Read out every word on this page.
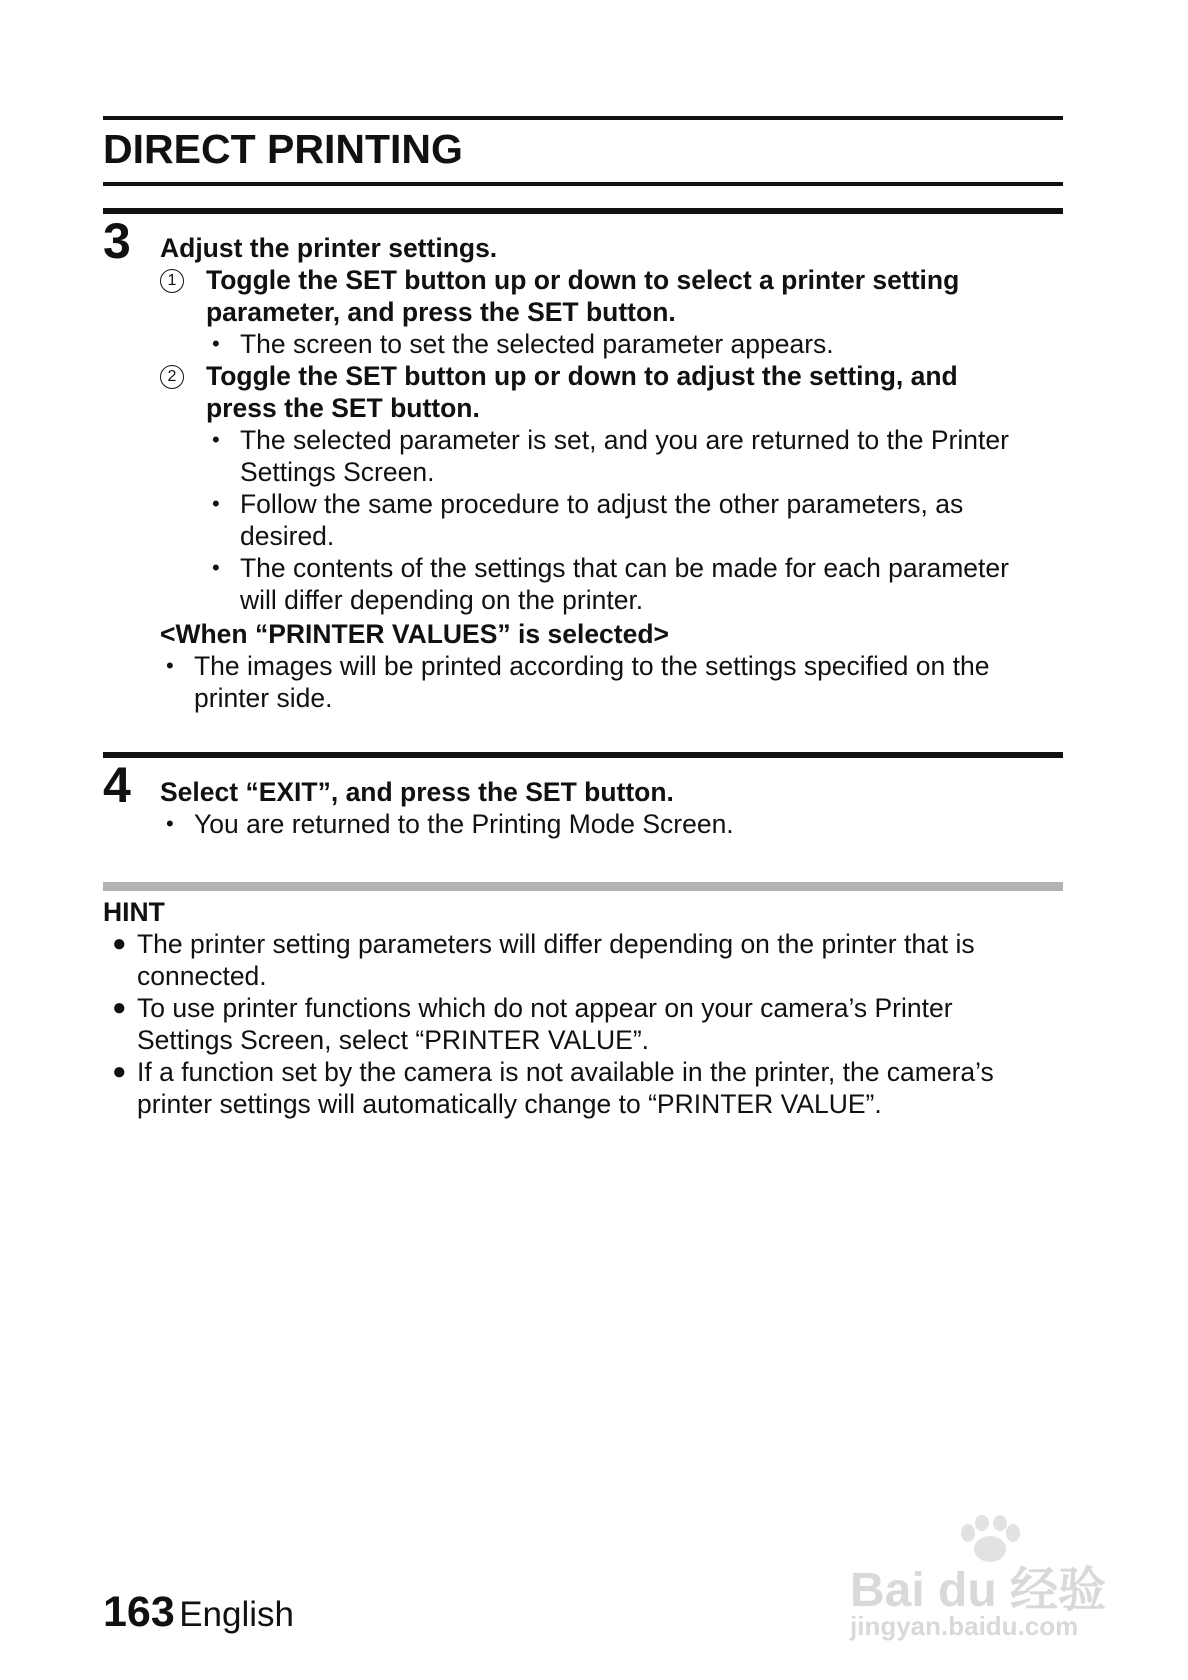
DIRECT PRINTING
3 Adjust the printer settings.
1 Toggle the SET button up or down to select a printer setting
parameter, and press the SET button.
• The screen to set the selected parameter appears.
2 Toggle the SET button up or down to adjust the setting, and
press the SET button.
• The selected parameter is set, and you are returned to the Printer
Settings Screen.
• Follow the same procedure to adjust the other parameters, as
desired.
• The contents of the settings that can be made for each parameter
will differ depending on the printer.
<When “PRINTER VALUES” is selected>
• The images will be printed according to the settings specified on the
printer side.
4 Select “EXIT”, and press the SET button.
• You are returned to the Printing Mode Screen.
HINT
● The printer setting parameters will differ depending on the printer that is
connected.
● To use printer functions which do not appear on your camera’s Printer
Settings Screen, select “PRINTER VALUE”.
● If a function set by the camera is not available in the printer, the camera’s
printer settings will automatically change to “PRINTER VALUE”.
163 English	Bai du 经验
jingyan.baidu.com
